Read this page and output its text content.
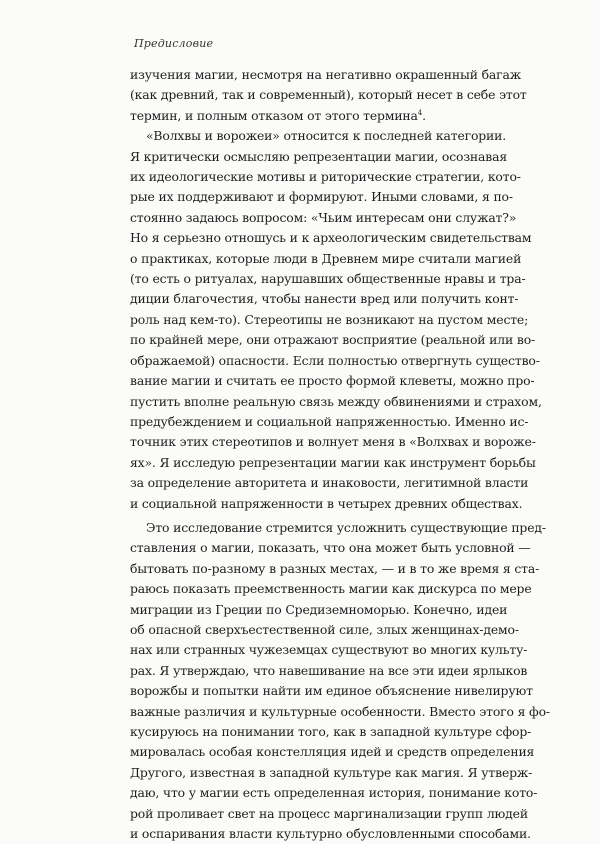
Предисловие
изучения магии, несмотря на негативно окрашенный багаж
(как древний, так и современный), который несет в себе этот
термин, и полным отказом от этого термина$^4$.
«Волхвы и ворожеи» относится к последней категории.
Я критически осмысляю репрезентации магии, осознавая
их идеологические мотивы и риторические стратегии, кото-
рые их поддерживают и формируют. Иными словами, я по-
стоянно задаюсь вопросом: «Чьим интересам они служат?»
Но я серьезно отношусь и к археологическим свидетельствам
о практиках, которые люди в Древнем мире считали магией
(то есть о ритуалах, нарушавших общественные нравы и тра-
диции благочестия, чтобы нанести вред или получить конт-
роль над кем-то). Стереотипы не возникают на пустом месте;
по крайней мере, они отражают восприятие (реальной или во-
ображаемой) опасности. Если полностью отвергнуть существо-
вание магии и считать ее просто формой клеветы, можно про-
пустить вполне реальную связь между обвинениями и страхом,
предубеждением и социальной напряженностью. Именно ис-
точник этих стереотипов и волнует меня в «Волхвах и вороже-
ях». Я исследую репрезентации магии как инструмент борьбы
за определение авторитета и инаковости, легитимной власти
и социальной напряженности в четырех древних обществах.
Это исследование стремится усложнить существующие пред-
ставления о магии, показать, что она может быть условной —
бытовать по-разному в разных местах, — и в то же время я ста-
раюсь показать преемственность магии как дискурса по мере
миграции из Греции по Средиземноморью. Конечно, идеи
об опасной сверхъестественной силе, злых женщинах-демо-
нах или странных чужеземцах существуют во многих культу-
рах. Я утверждаю, что навешивание на все эти идеи ярлыков
ворожбы и попытки найти им единое объяснение нивелируют
важные различия и культурные особенности. Вместо этого я фо-
кусируюсь на понимании того, как в западной культуре сфор-
мировалась особая констелляция идей и средств определения
Другого, известная в западной культуре как магия. Я утверж-
даю, что у магии есть определенная история, понимание кото-
рой проливает свет на процесс маргинализации групп людей
и оспаривания власти культурно обусловленными способами.
